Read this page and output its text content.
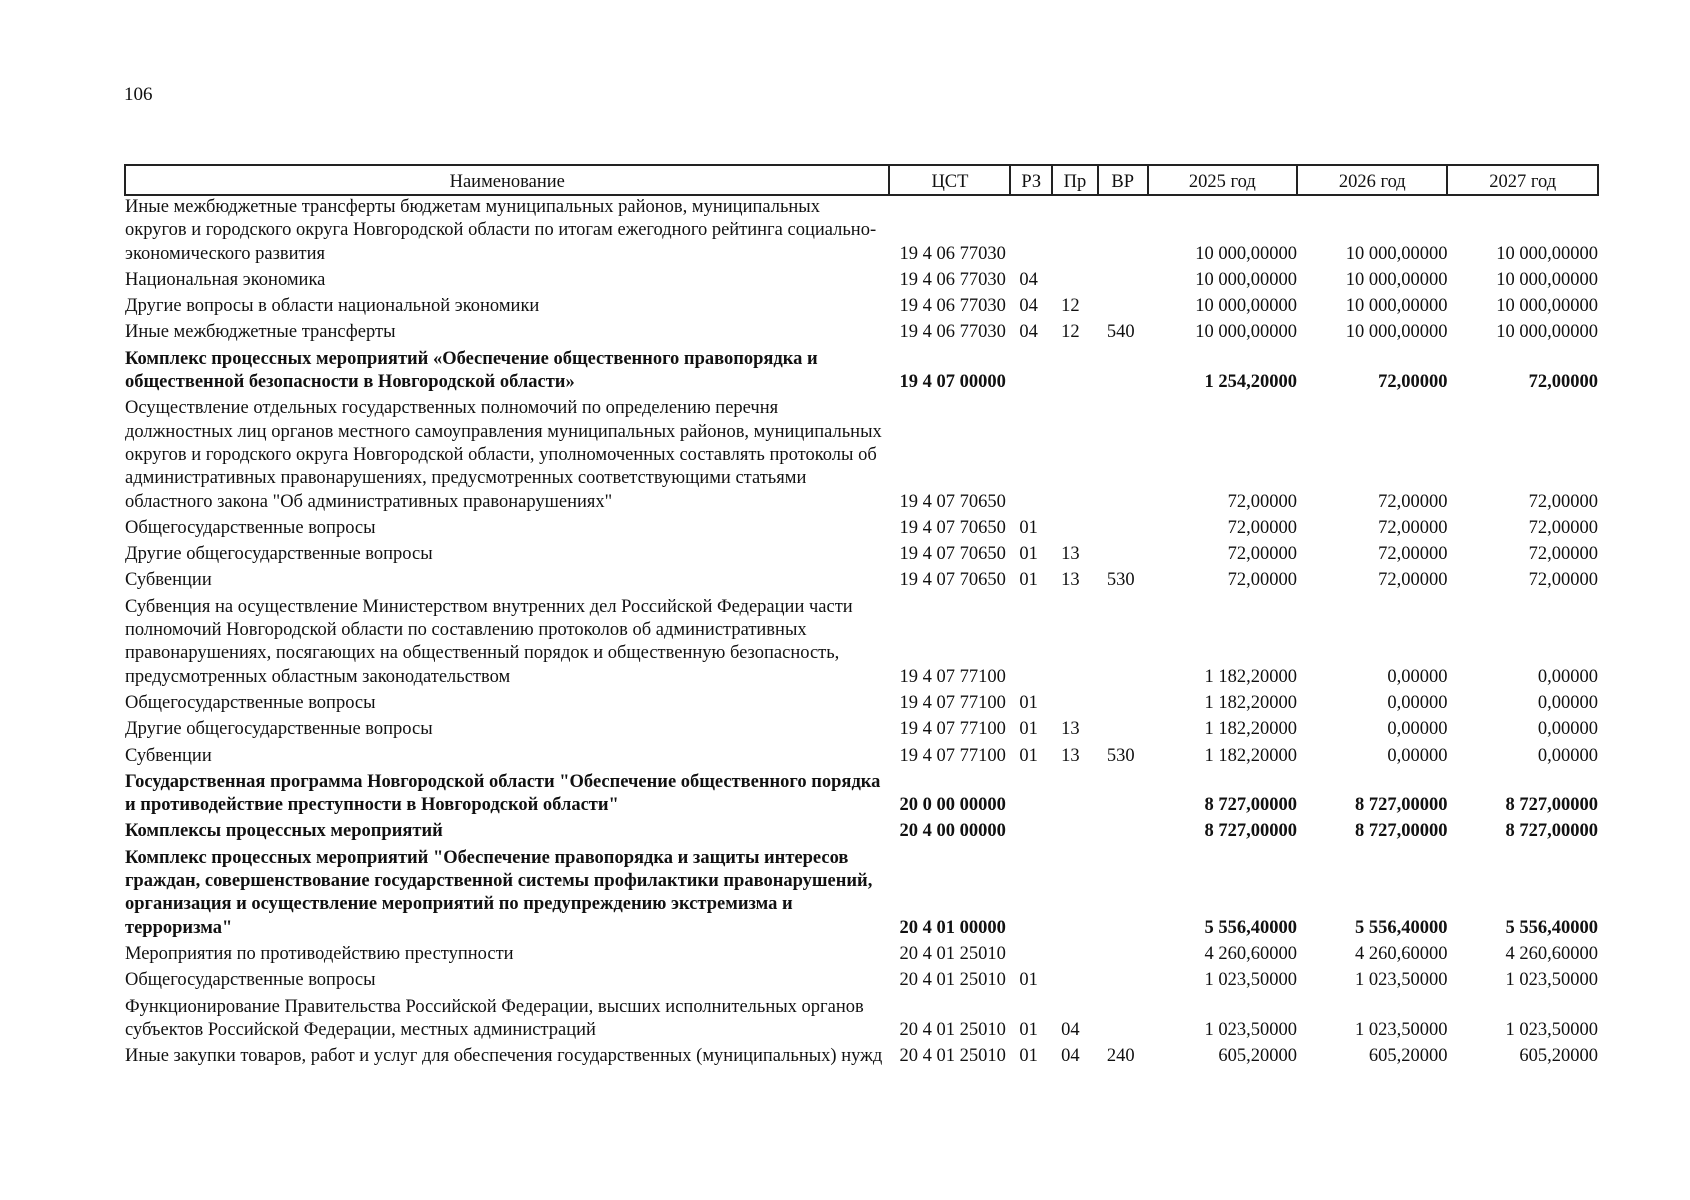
106
Наименование	ЦСТ	РЗ	Пр	ВР	2025 год	2026 год	2027 год
Иные межбюджетные трансферты бюджетам муниципальных районов, муниципальных округов и городского округа Новгородской области по итогам ежегодного рейтинга социально-экономического развития	19 4 06 77030				10 000,00000	10 000,00000	10 000,00000
Национальная экономика	19 4 06 77030	04			10 000,00000	10 000,00000	10 000,00000
Другие вопросы в области национальной экономики	19 4 06 77030	04	12		10 000,00000	10 000,00000	10 000,00000
Иные межбюджетные трансферты	19 4 06 77030	04	12	540	10 000,00000	10 000,00000	10 000,00000
Комплекс процессных мероприятий «Обеспечение общественного правопорядка и общественной безопасности в Новгородской области»	19 4 07 00000				1 254,20000	72,00000	72,00000
Осуществление отдельных государственных полномочий по определению перечня должностных лиц органов местного самоуправления муниципальных районов, муниципальных округов и городского округа Новгородской области, уполномоченных составлять протоколы об административных правонарушениях, предусмотренных соответствующими статьями областного закона "Об административных правонарушениях"	19 4 07 70650				72,00000	72,00000	72,00000
Общегосударственные вопросы	19 4 07 70650	01			72,00000	72,00000	72,00000
Другие общегосударственные вопросы	19 4 07 70650	01	13		72,00000	72,00000	72,00000
Субвенции	19 4 07 70650	01	13	530	72,00000	72,00000	72,00000
Субвенция на осуществление Министерством внутренних дел Российской Федерации части полномочий Новгородской области по составлению протоколов об административных правонарушениях, посягающих на общественный порядок и общественную безопасность, предусмотренных областным законодательством	19 4 07 77100				1 182,20000	0,00000	0,00000
Общегосударственные вопросы	19 4 07 77100	01			1 182,20000	0,00000	0,00000
Другие общегосударственные вопросы	19 4 07 77100	01	13		1 182,20000	0,00000	0,00000
Субвенции	19 4 07 77100	01	13	530	1 182,20000	0,00000	0,00000
Государственная программа Новгородской области "Обеспечение общественного порядка и противодействие преступности в Новгородской области"	20 0 00 00000				8 727,00000	8 727,00000	8 727,00000
Комплексы процессных мероприятий	20 4 00 00000				8 727,00000	8 727,00000	8 727,00000
Комплекс процессных мероприятий "Обеспечение правопорядка и защиты интересов граждан, совершенствование государственной системы профилактики правонарушений, организация и осуществление мероприятий по предупреждению экстремизма и терроризма"	20 4 01 00000				5 556,40000	5 556,40000	5 556,40000
Мероприятия по противодействию преступности	20 4 01 25010				4 260,60000	4 260,60000	4 260,60000
Общегосударственные вопросы	20 4 01 25010	01			1 023,50000	1 023,50000	1 023,50000
Функционирование Правительства Российской Федерации, высших исполнительных органов субъектов Российской Федерации, местных администраций	20 4 01 25010	01	04		1 023,50000	1 023,50000	1 023,50000
Иные закупки товаров, работ и услуг для обеспечения государственных (муниципальных) нужд	20 4 01 25010	01	04	240	605,20000	605,20000	605,20000
